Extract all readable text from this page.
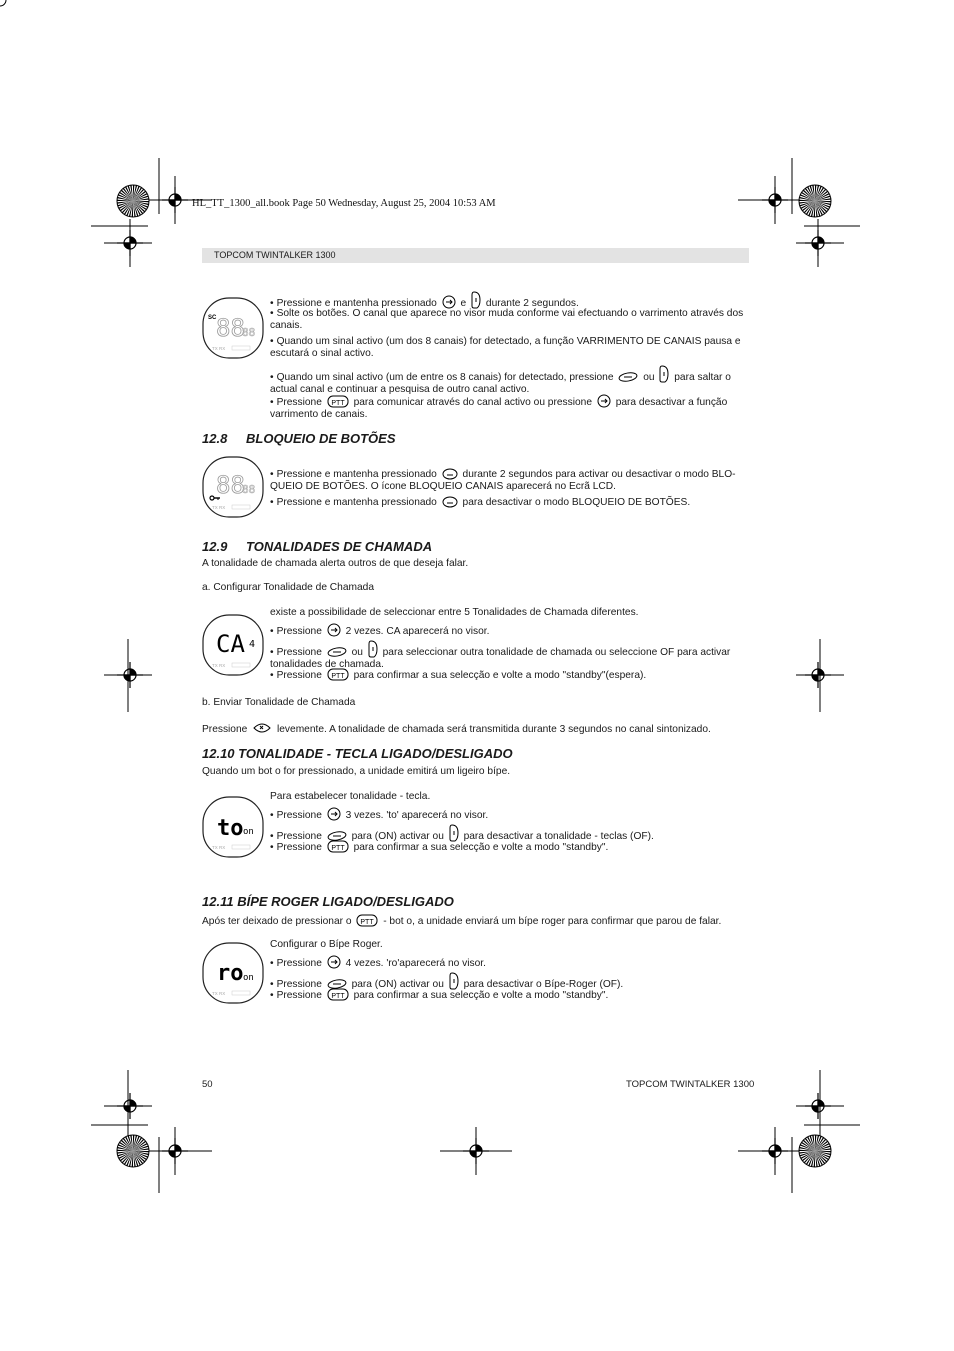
HL_TT_1300_all.book Page 50 Wednesday, August 25, 2004 10:53 AM
TOPCOM TWINTALKER 1300
SC 88
88
TX RX
88
88
TX RX
CA 4
TX RX
to on
TX RX
ro on
TX RX
• Pressione e mantenha pressionado e durante 2 segundos.
• Solte os botões. O canal que aparece no visor muda conforme vai efectuando o varrimento através dos canais.
• Quando um sinal activo (um dos 8 canais) for detectado, a função VARRIMENTO DE CANAIS pausa e escutará o sinal activo.
• Quando um sinal activo (um de entre os 8 canais) for detectado, pressione	ou para saltar o
actual canal e continuar a pesquisa de outro canal activo.
• Pressione PTT para comunicar através do canal activo ou pressione para desactivar a função
varrimento de canais.
12.8 BLOQUEIO DE BOTÕES
• Pressione e mantenha pressionado	durante 2 segundos para activar ou desactivar o modo BLO-
QUEIO DE BOTÕES. O ícone BLOQUEIO CANAIS aparecerá no Ecrã LCD.
• Pressione e mantenha pressionado	para desactivar o modo BLOQUEIO DE BOTÕES.
12.9 TONALIDADES DE CHAMADA
A tonalidade de chamada alerta outros de que deseja falar.
a. Configurar Tonalidade de Chamada
existe a possibilidade de seleccionar entre 5 Tonalidades de Chamada diferentes.
• Pressione 2 vezes. CA aparecerá no visor.
• Pressione	ou para seleccionar outra tonalidade de chamada ou seleccione OF para activar
tonalidades de chamada.
• Pressione PTT para confirmar a sua selecção e volte a modo "standby"(espera).
b. Enviar Tonalidade de Chamada
Pressione	levemente. A tonalidade de chamada será transmitida durante 3 segundos no canal sintonizado.
12.10 TONALIDADE - TECLA LIGADO/DESLIGADO
Quando um bot o for pressionado, a unidade emitirá um ligeiro bípe.
Para estabelecer tonalidade - tecla.
• Pressione 3 vezes. 'to' aparecerá no visor.
• Pressione	para (ON) activar ou para desactivar a tonalidade - teclas (OF).
• Pressione PTT para confirmar a sua selecção e volte a modo "standby".
12.11 BÍPE ROGER LIGADO/DESLIGADO
Após ter deixado de pressionar o PTT - bot o, a unidade enviará um bípe roger para confirmar que parou de falar.
Configurar o Bípe Roger.
• Pressione 4 vezes. 'ro'aparecerá no visor.
• Pressione	para (ON) activar ou para desactivar o Bípe-Roger (OF).
• Pressione PTT para confirmar a sua selecção e volte a modo "standby".
50	TOPCOM TWINTALKER 1300
